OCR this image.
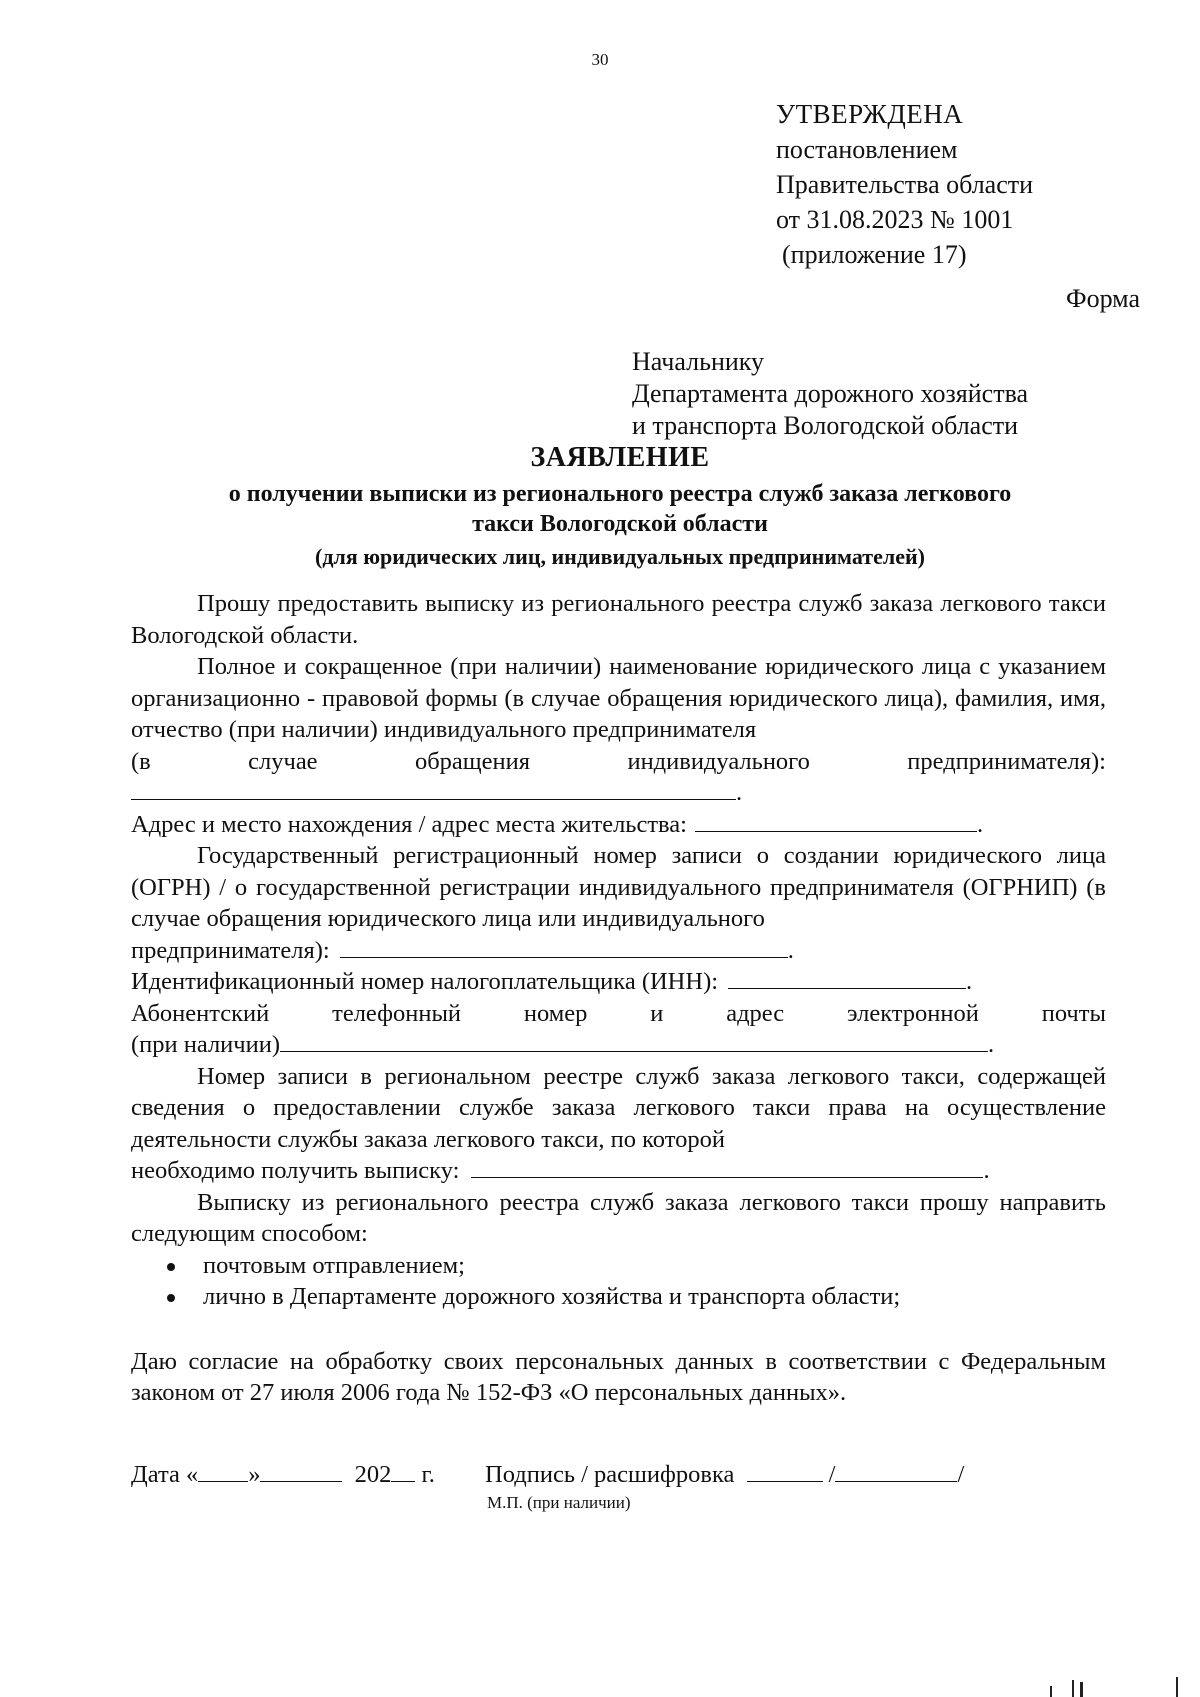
30
УТВЕРЖДЕНА
постановлением
Правительства области
от 31.08.2023 № 1001
(приложение 17)
Форма
Начальнику
Департамента дорожного хозяйства
и транспорта Вологодской области
ЗАЯВЛЕНИЕ
о получении выписки из регионального реестра служб заказа легкового
такси Вологодской области
(для юридических лиц, индивидуальных предпринимателей)

Прошу предоставить выписку из регионального реестра служб заказа легкового такси Вологодской области.

Полное и сокращенное (при наличии) наименование юридического лица с указанием организационно - правовой формы (в случае обращения юридического лица), фамилия, имя, отчество (при наличии) индивидуального предпринимателя

(в	случае	обращения	индивидуального	предпринимателя):
.
Адрес и место нахождения / адрес места жительства:	.

Государственный регистрационный номер записи о создании юридического лица (ОГРН) / о государственной регистрации индивидуального предпринимателя (ОГРНИП) (в случае обращения юридического лица или индивидуального

предпринимателя):	.
Идентификационный номер налогоплательщика (ИНН):	.
Абонентский	телефонный	номер	и	адрес	электронной	почты
(при наличии)	.

Номер записи в региональном реестре служб заказа легкового такси, содержащей сведения о предоставлении службе заказа легкового такси права на осуществление деятельности службы заказа легкового такси, по которой

необходимо получить выписку:	.

Выписку из регионального реестра служб заказа легкового такси прошу направить следующим способом:

почтовым отправлением;
лично в Департаменте дорожного хозяйства и транспорта области;

Даю согласие на обработку своих персональных данных в соответствии с Федеральным законом от 27 июля 2006 года № 152-ФЗ «О персональных данных».

Дата « »	202 г. Подпись / расшифровка	/	/
М.П. (при наличии)
